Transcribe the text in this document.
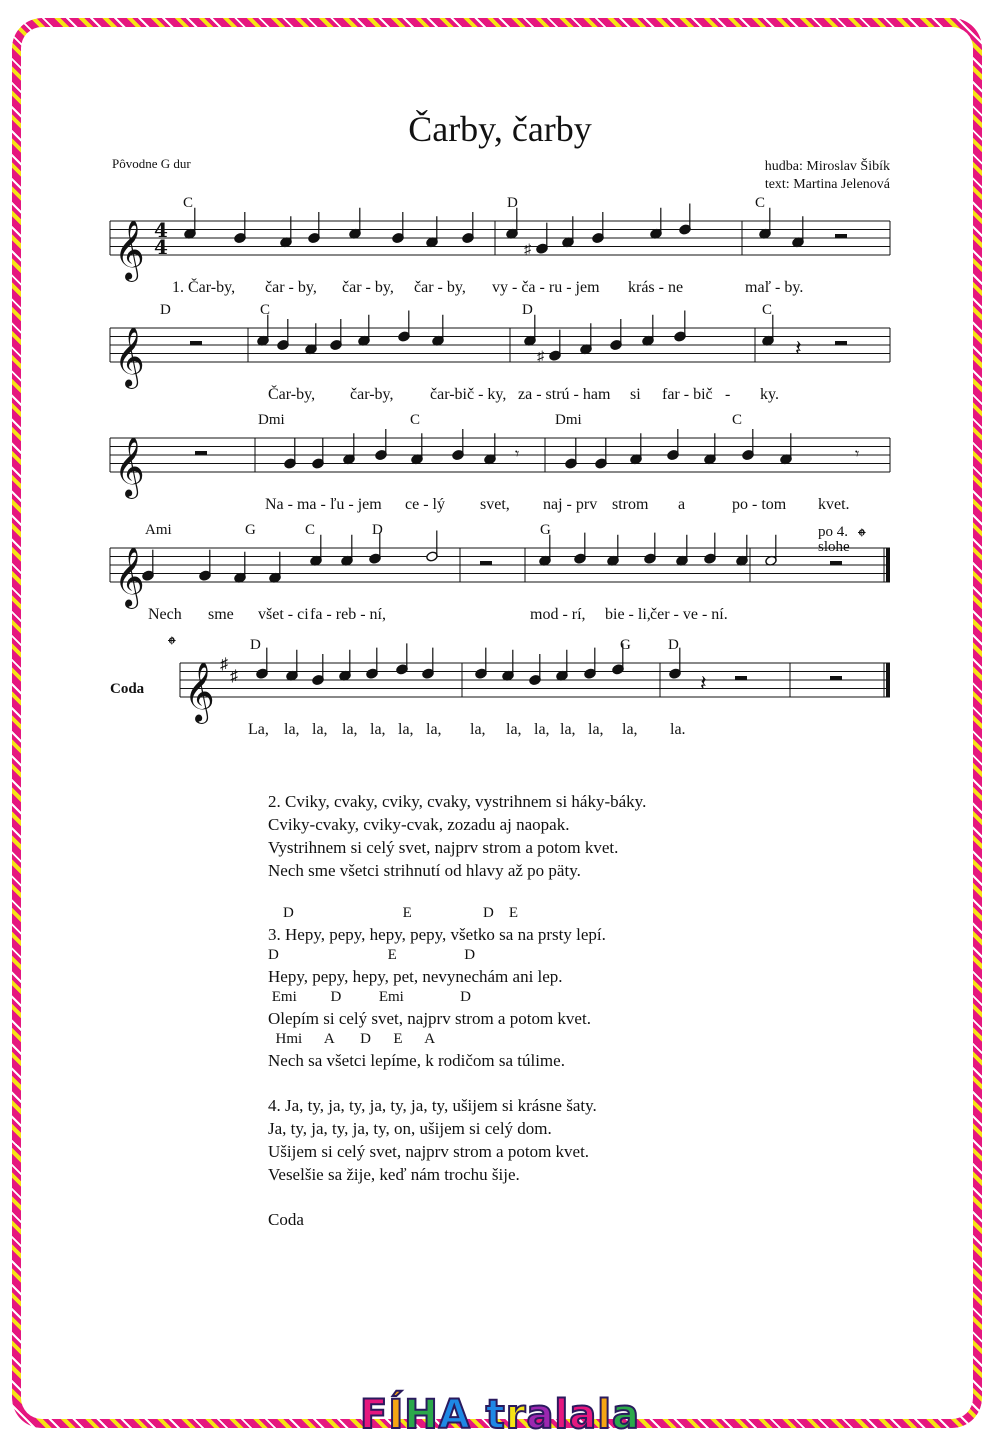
Čarby, čarby
Pôvodne G dur	hudba: Miroslav Šibík
text: Martina Jelenová
♯
♯	𝄽
𝄾	𝄾
𝄽
𝄞 4
4
C	D	C
1. Čar-by, čar - by, čar - by, čar - by, vy - ča - ru - jem krás - ne	maľ - by.
𝄞
D	C	D	C
Čar-by, čar-by, čar-bič - ky, za - strú - ham si far - bič - ky.
𝄞
Dmi	C	Dmi	C
Na - ma - ľu - jem ce - lý svet, naj - prv strom a	po - tom kvet.
𝄞
Ami	G	C	D	G
Nech sme všet - ci fa - reb - ní,	mod - rí, bie - li, čer - ve - ní.
𝄞 ♯
♯
D	G D
La, la, la, la, la, la, la, la, la, la, la, la, la, la.
po 4.
slohe 𝄌
𝄌
Coda
2. Cviky, cvaky, cviky, cvaky, vystrihnem si háky-báky.
Cviky-cvaky, cviky-cvak, zozadu aj naopak.
Vystrihnem si celý svet, najprv strom a potom kvet.
Nech sme všetci strihnutí od hlavy až po päty.
D                             E                   D    E
3. Hepy, pepy, hepy, pepy, všetko sa na prsty lepí.
D                             E                  D
Hepy, pepy, hepy, pet, nevynechám ani lep.
Emi         D          Emi               D
Olepím si celý svet, najprv strom a potom kvet.
Hmi      A       D      E      A
Nech sa všetci lepíme, k rodičom sa túlime.
4. Ja, ty, ja, ty, ja, ty, ja, ty, ušijem si krásne šaty.
Ja, ty, ja, ty, ja, ty, on, ušijem si celý dom.
Ušijem si celý svet, najprv strom a potom kvet.
Veselšie sa žije, keď nám trochu šije.
Coda
FÍHA tralala
